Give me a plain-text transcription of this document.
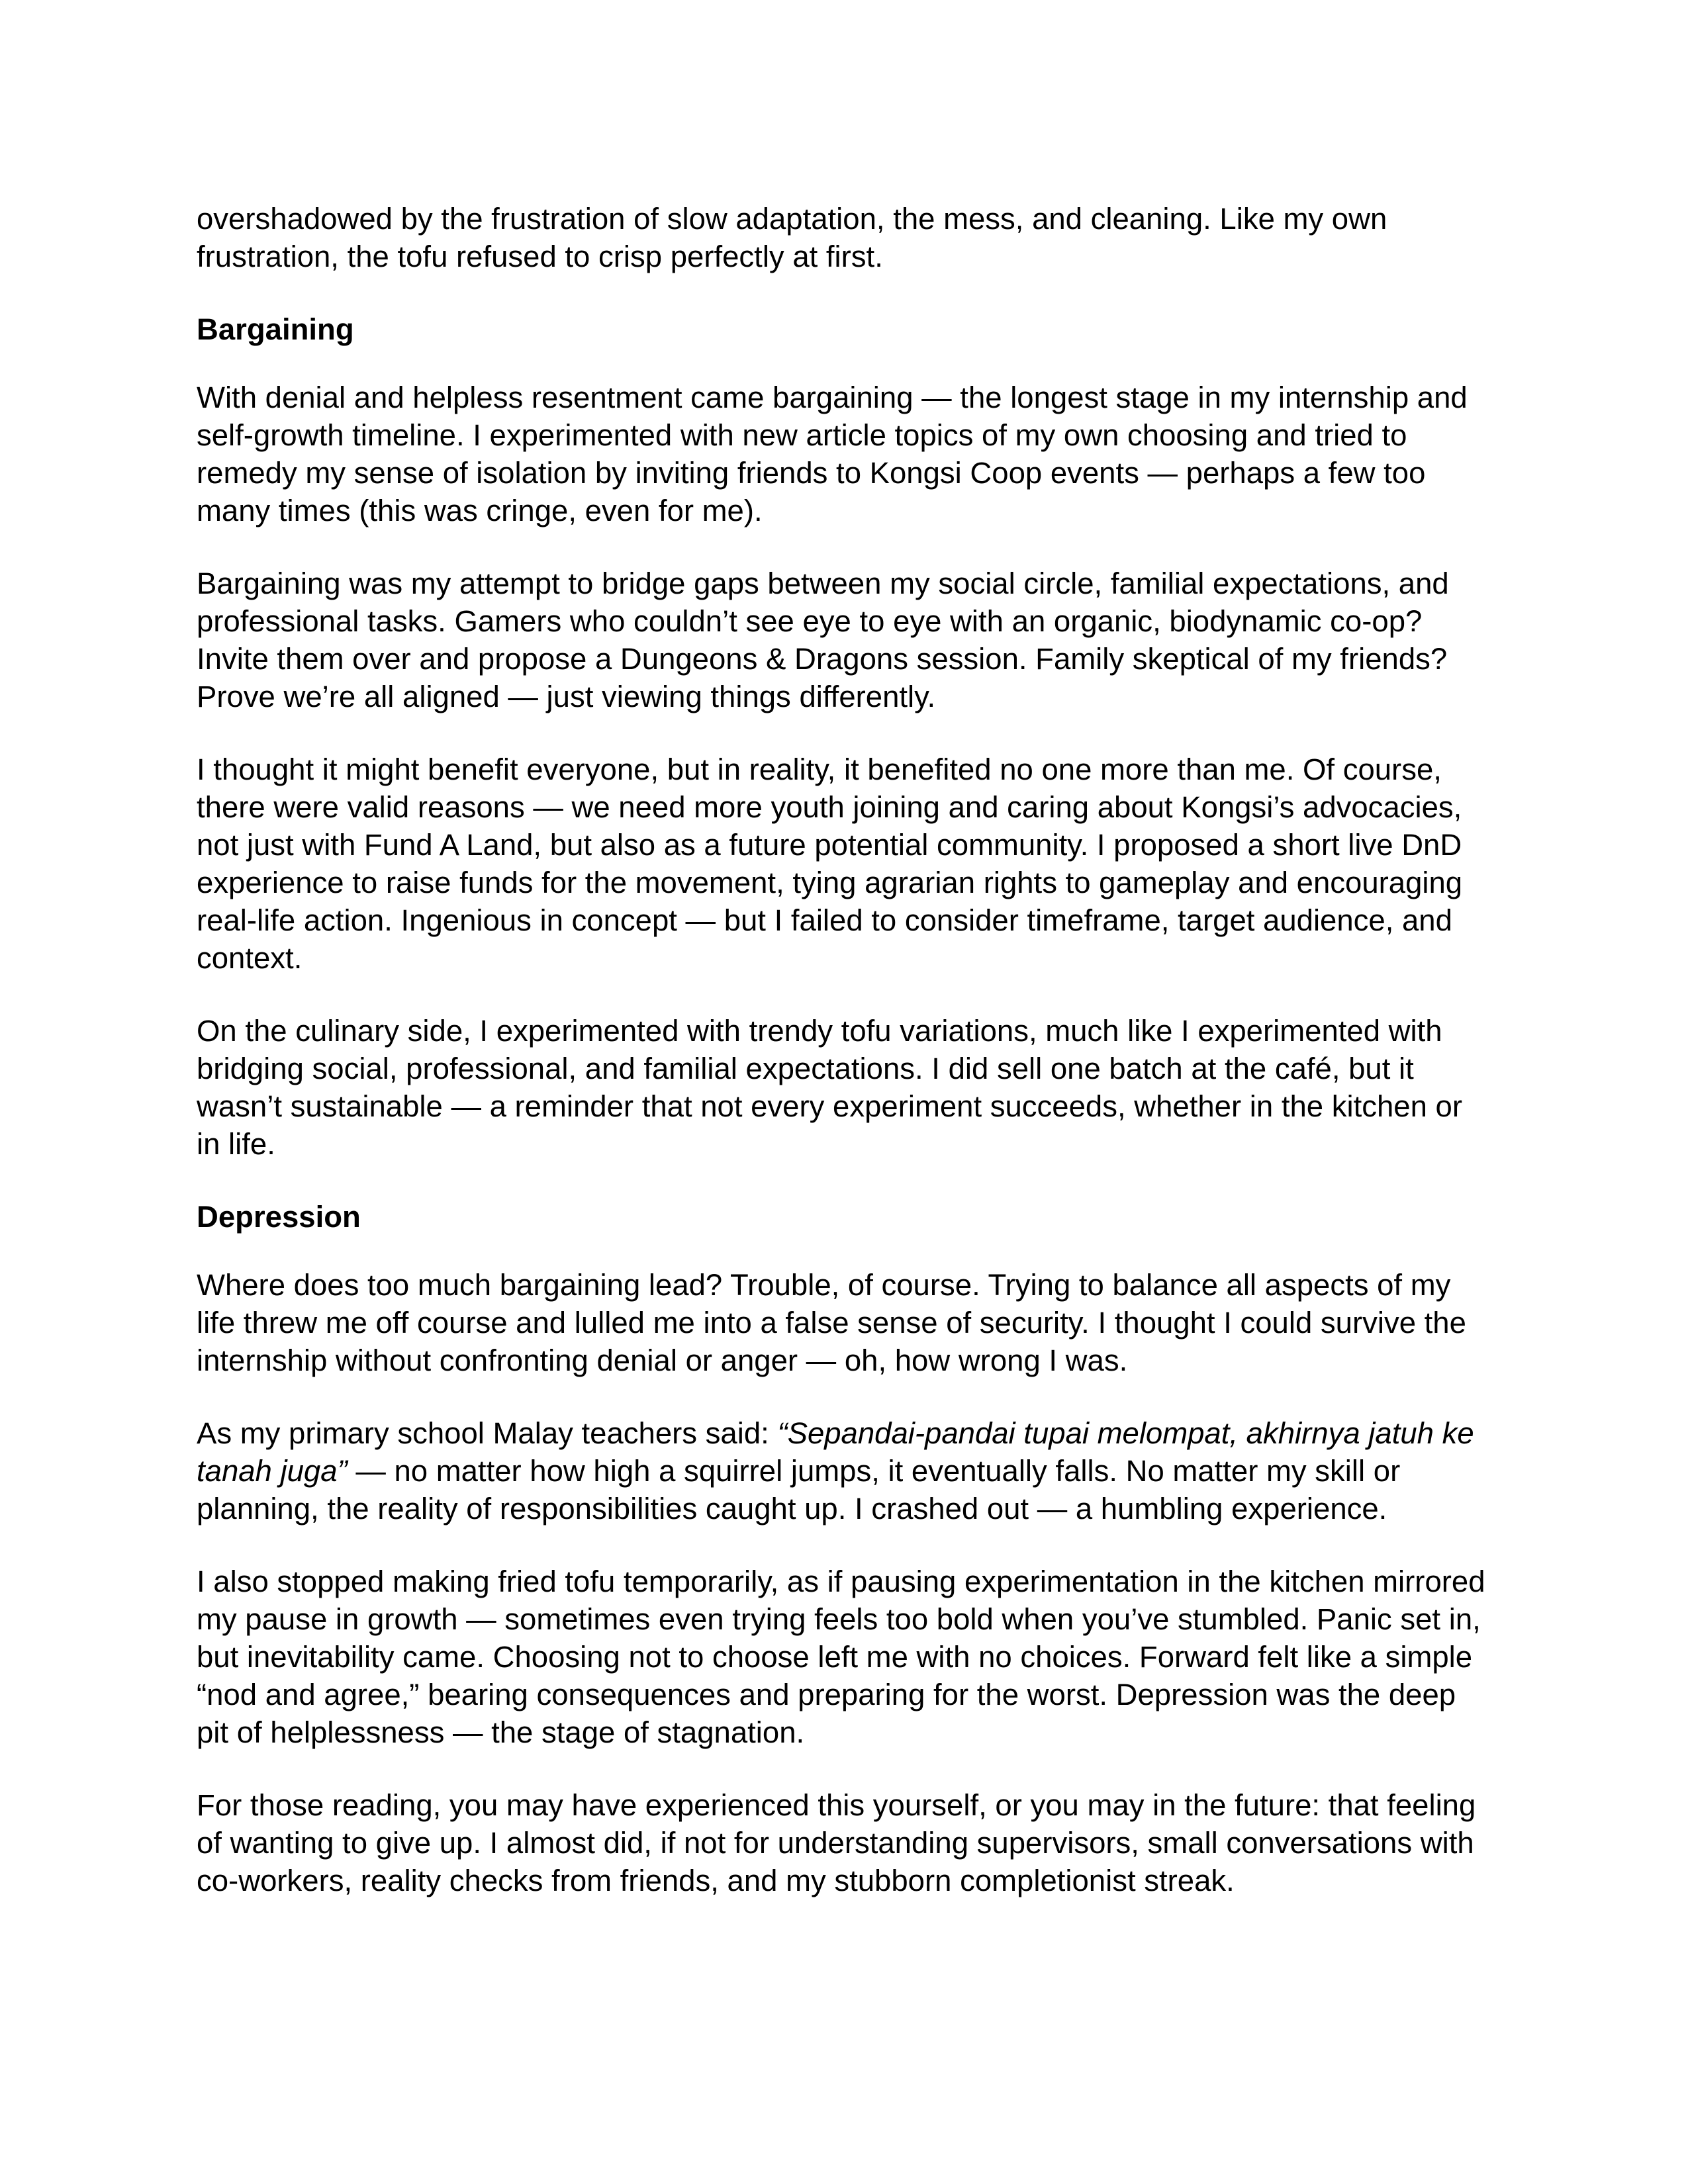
overshadowed by the frustration of slow adaptation, the mess, and cleaning. Like my own frustration, the tofu refused to crisp perfectly at first.

Bargaining

With denial and helpless resentment came bargaining — the longest stage in my internship and self-growth timeline. I experimented with new article topics of my own choosing and tried to remedy my sense of isolation by inviting friends to Kongsi Coop events — perhaps a few too many times (this was cringe, even for me).

Bargaining was my attempt to bridge gaps between my social circle, familial expectations, and professional tasks. Gamers who couldn’t see eye to eye with an organic, biodynamic co-op? Invite them over and propose a Dungeons & Dragons session. Family skeptical of my friends? Prove we’re all aligned — just viewing things differently.

I thought it might benefit everyone, but in reality, it benefited no one more than me. Of course, there were valid reasons — we need more youth joining and caring about Kongsi’s advocacies, not just with Fund A Land, but also as a future potential community. I proposed a short live DnD experience to raise funds for the movement, tying agrarian rights to gameplay and encouraging real-life action. Ingenious in concept — but I failed to consider timeframe, target audience, and context.

On the culinary side, I experimented with trendy tofu variations, much like I experimented with bridging social, professional, and familial expectations. I did sell one batch at the café, but it wasn’t sustainable — a reminder that not every experiment succeeds, whether in the kitchen or in life.

Depression

Where does too much bargaining lead? Trouble, of course. Trying to balance all aspects of my life threw me off course and lulled me into a false sense of security. I thought I could survive the internship without confronting denial or anger — oh, how wrong I was.

As my primary school Malay teachers said: “Sepandai-pandai tupai melompat, akhirnya jatuh ke tanah juga” — no matter how high a squirrel jumps, it eventually falls. No matter my skill or planning, the reality of responsibilities caught up. I crashed out — a humbling experience.

I also stopped making fried tofu temporarily, as if pausing experimentation in the kitchen mirrored my pause in growth — sometimes even trying feels too bold when you’ve stumbled. Panic set in, but inevitability came. Choosing not to choose left me with no choices. Forward felt like a simple “nod and agree,” bearing consequences and preparing for the worst. Depression was the deep pit of helplessness — the stage of stagnation.

For those reading, you may have experienced this yourself, or you may in the future: that feeling of wanting to give up. I almost did, if not for understanding supervisors, small conversations with co-workers, reality checks from friends, and my stubborn completionist streak.
